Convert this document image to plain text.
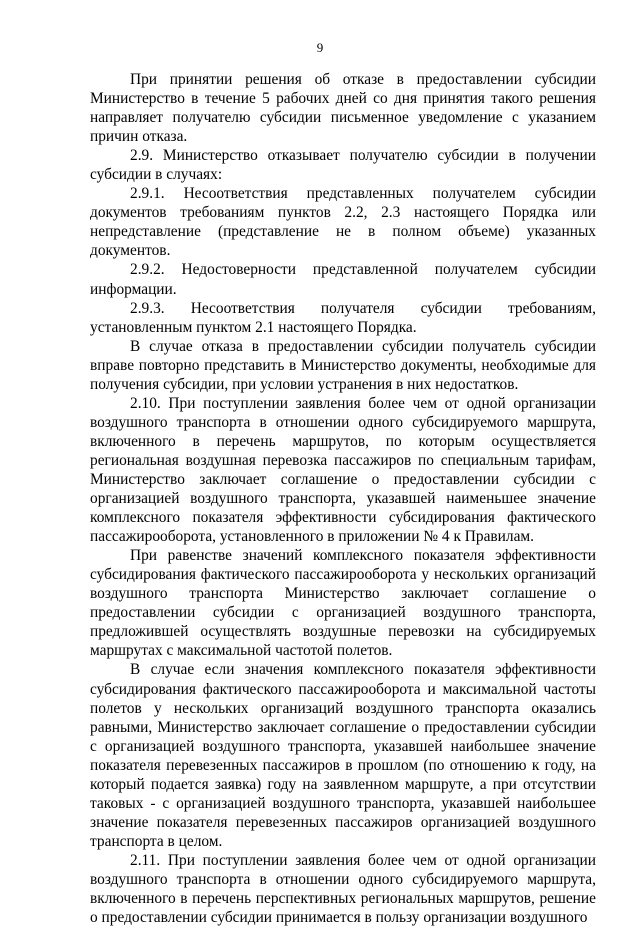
9

При принятии решения об отказе в предоставлении субсидии Министерство в течение 5 рабочих дней со дня принятия такого решения направляет получателю субсидии письменное уведомление с указанием причин отказа.

2.9. Министерство отказывает получателю субсидии в получении субсидии в случаях:

2.9.1. Несоответствия представленных получателем субсидии документов требованиям пунктов 2.2, 2.3 настоящего Порядка или непредставление (представление не в полном объеме) указанных документов.

2.9.2. Недостоверности представленной получателем субсидии информации.

2.9.3. Несоответствия получателя субсидии требованиям, установленным пунктом 2.1 настоящего Порядка.

В случае отказа в предоставлении субсидии получатель субсидии вправе повторно представить в Министерство документы, необходимые для получения субсидии, при условии устранения в них недостатков.

2.10. При поступлении заявления более чем от одной организации воздушного транспорта в отношении одного субсидируемого маршрута, включенного в перечень маршрутов, по которым осуществляется региональная воздушная перевозка пассажиров по специальным тарифам, Министерство заключает соглашение о предоставлении субсидии с организацией воздушного транспорта, указавшей наименьшее значение комплексного показателя эффективности субсидирования фактического пассажирооборота, установленного в приложении № 4 к Правилам.

При равенстве значений комплексного показателя эффективности субсидирования фактического пассажирооборота у нескольких организаций воздушного транспорта Министерство заключает соглашение о предоставлении субсидии с организацией воздушного транспорта, предложившей осуществлять воздушные перевозки на субсидируемых маршрутах с максимальной частотой полетов.

В случае если значения комплексного показателя эффективности субсидирования фактического пассажирооборота и максимальной частоты полетов у нескольких организаций воздушного транспорта оказались равными, Министерство заключает соглашение о предоставлении субсидии с организацией воздушного транспорта, указавшей наибольшее значение показателя перевезенных пассажиров в прошлом (по отношению к году, на который подается заявка) году на заявленном маршруте, а при отсутствии таковых - с организацией воздушного транспорта, указавшей наибольшее значение показателя перевезенных пассажиров организацией воздушного транспорта в целом.

2.11. При поступлении заявления более чем от одной организации воздушного транспорта в отношении одного субсидируемого маршрута, включенного в перечень перспективных региональных маршрутов, решение о предоставлении субсидии принимается в пользу организации воздушного
